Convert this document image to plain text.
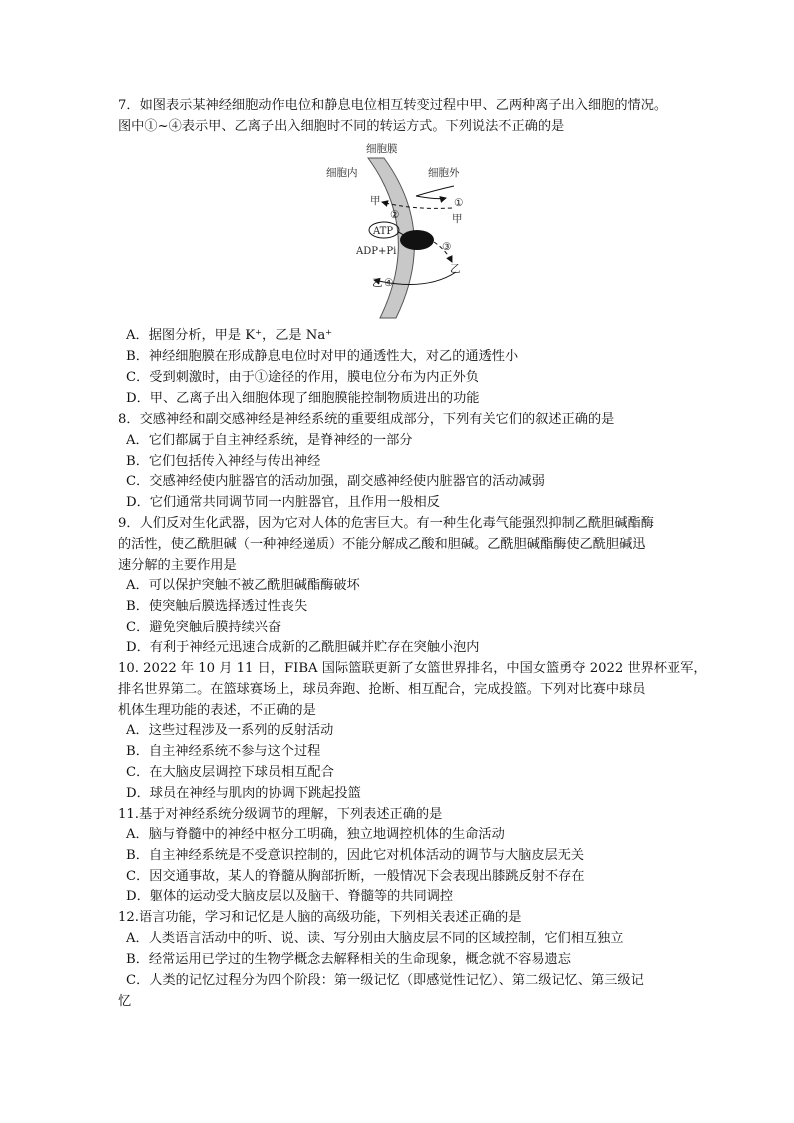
7．如图表示某神经细胞动作电位和静息电位相互转变过程中甲、乙两种离子出入细胞的情况。
图中①~④表示甲、乙离子出入细胞时不同的转运方式。下列说法不正确的是
细胞膜
细胞内	细胞外
甲
②
①
甲
ATP
ADP+Pi	③
乙
乙 ④
A．据图分析，甲是 K⁺，乙是 Na⁺
B．神经细胞膜在形成静息电位时对甲的通透性大，对乙的通透性小
C．受到刺激时，由于①途径的作用，膜电位分布为内正外负
D．甲、乙离子出入细胞体现了细胞膜能控制物质进出的功能
8．交感神经和副交感神经是神经系统的重要组成部分，下列有关它们的叙述正确的是
A．它们都属于自主神经系统，是脊神经的一部分
B．它们包括传入神经与传出神经
C．交感神经使内脏器官的活动加强，副交感神经使内脏器官的活动减弱
D．它们通常共同调节同一内脏器官，且作用一般相反
9．人们反对生化武器，因为它对人体的危害巨大。有一种生化毒气能强烈抑制乙酰胆碱酯酶
的活性，使乙酰胆碱（一种神经递质）不能分解成乙酸和胆碱。乙酰胆碱酯酶使乙酰胆碱迅
速分解的主要作用是
A．可以保护突触不被乙酰胆碱酯酶破坏
B．使突触后膜选择透过性丧失
C．避免突触后膜持续兴奋
D．有利于神经元迅速合成新的乙酰胆碱并贮存在突触小泡内
10. 2022 年 10 月 11 日，FIBA 国际篮联更新了女篮世界排名，中国女篮勇夺 2022 世界杯亚军，
排名世界第二。在篮球赛场上，球员奔跑、抢断、相互配合，完成投篮。下列对比赛中球员
机体生理功能的表述，不正确的是
A．这些过程涉及一系列的反射活动
B．自主神经系统不参与这个过程
C．在大脑皮层调控下球员相互配合
D．球员在神经与肌肉的协调下跳起投篮
11.基于对神经系统分级调节的理解，下列表述正确的是
A．脑与脊髓中的神经中枢分工明确，独立地调控机体的生命活动
B．自主神经系统是不受意识控制的，因此它对机体活动的调节与大脑皮层无关
C．因交通事故，某人的脊髓从胸部折断，一般情况下会表现出膝跳反射不存在
D．躯体的运动受大脑皮层以及脑干、脊髓等的共同调控
12.语言功能，学习和记忆是人脑的高级功能，下列相关表述正确的是
A．人类语言活动中的听、说、读、写分别由大脑皮层不同的区域控制，它们相互独立
B．经常运用已学过的生物学概念去解释相关的生命现象，概念就不容易遗忘
C．人类的记忆过程分为四个阶段：第一级记忆（即感觉性记忆）、第二级记忆、第三级记
忆
